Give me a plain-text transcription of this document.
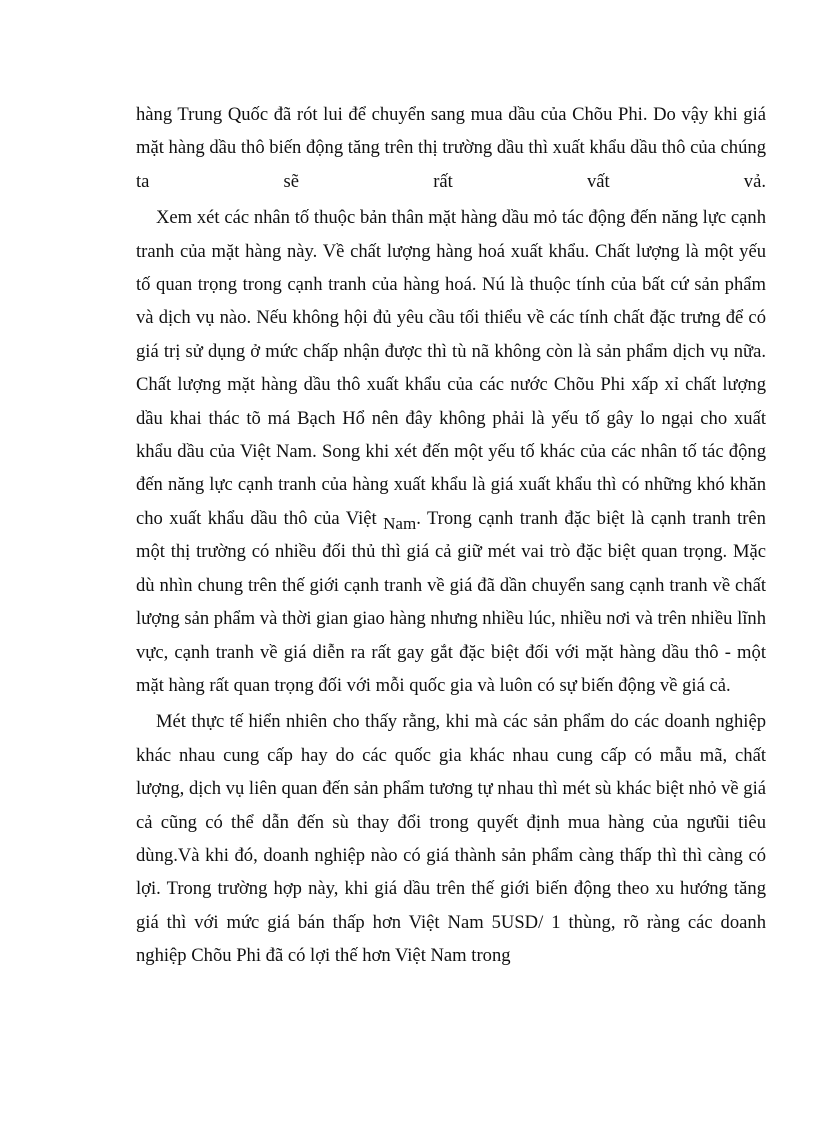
hàng Trung Quốc đã rót lui để chuyển sang mua dầu của Chõu Phi. Do vậy khi giá mặt hàng dầu thô biến động tăng trên thị trường dầu thì xuất khẩu dầu thô của chúng ta sẽ rất vất vả.

Xem xét các nhân tố thuộc bản thân mặt hàng dầu mỏ tác động đến năng lực cạnh tranh của mặt hàng này. Về chất lượng hàng hoá xuất khẩu. Chất lượng là một yếu tố quan trọng trong cạnh tranh của hàng hoá. Nú là thuộc tính của bất cứ sản phẩm và dịch vụ nào. Nếu không hội đủ yêu cầu tối thiểu về các tính chất đặc trưng để có giá trị sử dụng ở mức chấp nhận được thì tù nã không còn là sản phẩm dịch vụ nữa. Chất lượng mặt hàng dầu thô xuất khẩu của các nước Chõu Phi xấp xỉ chất lượng dầu khai thác tõ má Bạch Hổ nên đây không phải là yếu tố gây lo ngại cho xuất khẩu dầu của Việt Nam. Song khi xét đến một yếu tố khác của các nhân tố tác động đến năng lực cạnh tranh của hàng xuất khẩu là giá xuất khẩu thì có những khó khăn cho xuất khẩu dầu thô của Việt Nam. Trong cạnh tranh đặc biệt là cạnh tranh trên một thị trường có nhiều đối thủ thì giá cả giữ mét vai trò đặc biệt quan trọng. Mặc dù nhìn chung trên thế giới cạnh tranh về giá đã dần chuyển sang cạnh tranh về chất lượng sản phẩm và thời gian giao hàng nhưng nhiều lúc, nhiều nơi và trên nhiều lĩnh vực, cạnh tranh về giá diễn ra rất gay gắt đặc biệt đối với mặt hàng dầu thô - một mặt hàng rất quan trọng đối với mỗi quốc gia và luôn có sự biến động về giá cả.

Mét thực tế hiển nhiên cho thấy rằng, khi mà các sản phẩm do các doanh nghiệp khác nhau cung cấp hay do các quốc gia khác nhau cung cấp có mẫu mã, chất lượng, dịch vụ liên quan đến sản phẩm tương tự nhau thì mét sù khác biệt nhỏ về giá cả cũng có thể dẫn đến sù thay đổi trong quyết định mua hàng của ngưũi tiêu dùng.Và khi đó, doanh nghiệp nào có giá thành sản phẩm càng thấp thì thì càng có lợi. Trong trường hợp này, khi giá dầu trên thế giới biến động theo xu hướng tăng giá thì với mức giá bán thấp hơn Việt Nam 5USD/ 1 thùng, rõ ràng các doanh nghiệp Chõu Phi đã có lợi thế hơn Việt Nam trong
